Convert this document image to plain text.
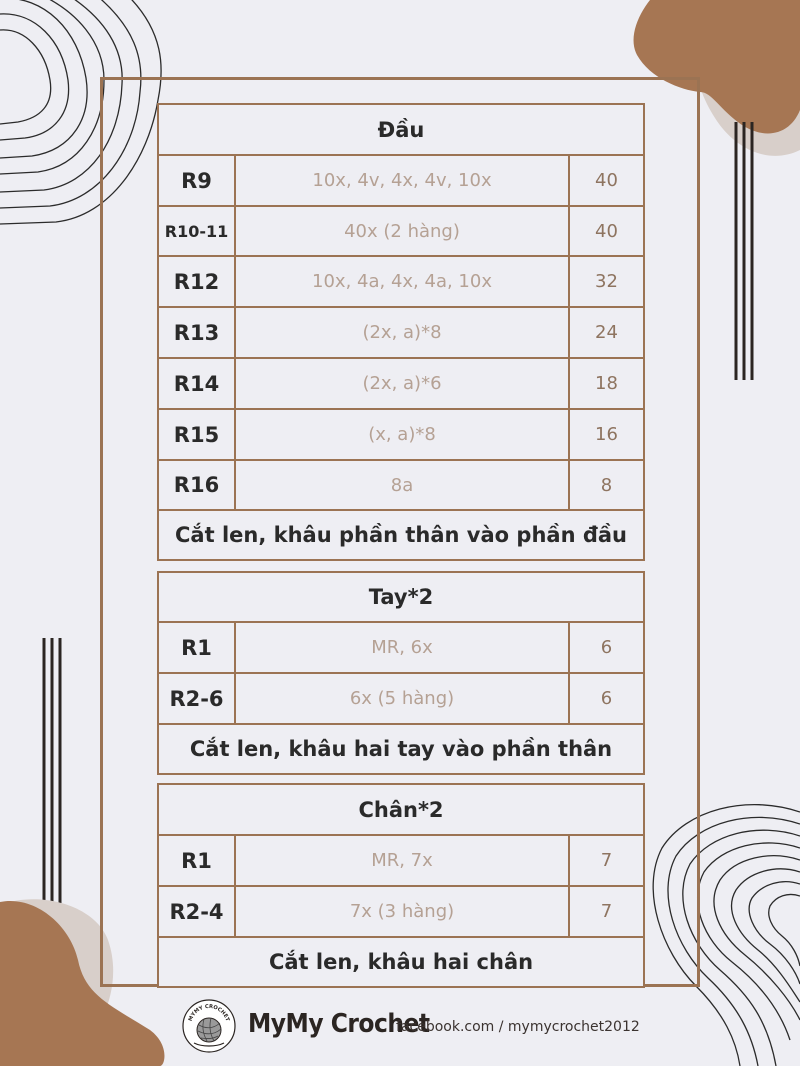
Đầu		
R9	10x, 4v, 4x, 4v, 10x	40
R10-11	40x (2 hàng)	40
R12	10x, 4a, 4x, 4a, 10x	32
R13	(2x, a)*8	24
R14	(2x, a)*6	18
R15	(x, a)*8	16
R16	8a	8
Cắt len, khâu phần thân vào phần đầu		
Tay*2		
R1	MR, 6x	6
R2-6	6x (5 hàng)	6
Cắt len, khâu hai tay vào phần thân		
Chân*2		
R1	MR, 7x	7
R2-4	7x (3 hàng)	7
Cắt len, khâu hai chân		
MYMY CROCHET MyMy Crochet
facebook.com / mymycrochet2012
